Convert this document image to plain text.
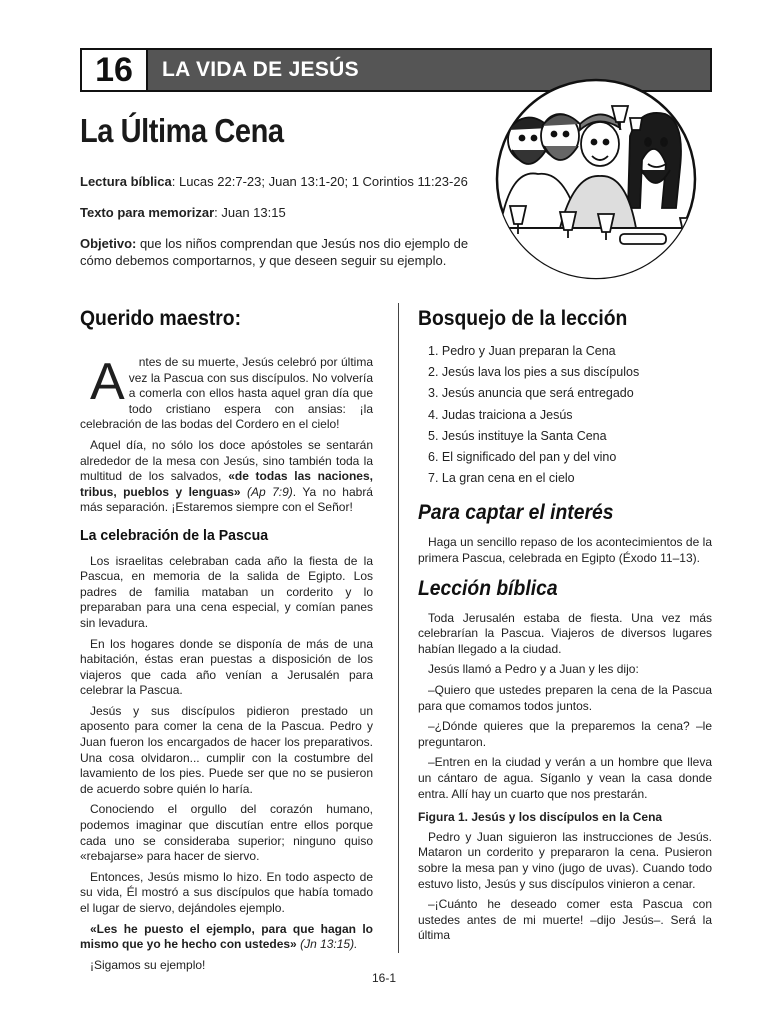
16	LA VIDA DE JESÚS
La Última Cena
Lectura bíblica: Lucas 22:7-23; Juan 13:1-20; 1 Corintios 11:23-26
Texto para memorizar: Juan 13:15
Objetivo: que los niños comprendan que Jesús nos dio ejemplo de cómo debemos comportarnos, y que deseen seguir su ejemplo.
Querido maestro:

A ntes de su muerte, Jesús celebró por última vez la Pascua con sus discípulos. No volvería a comerla con ellos hasta aquel gran día que todo cristiano espera con ansias: ¡la celebración de las bodas del Cordero en el cielo!

Aquel día, no sólo los doce apóstoles se sentarán alrededor de la mesa con Jesús, sino también toda la multitud de los salvados, «de todas las naciones, tribus, pueblos y lenguas» (Ap 7:9). Ya no habrá más separación. ¡Estaremos siempre con el Señor!

La celebración de la Pascua

Los israelitas celebraban cada año la fiesta de la Pascua, en memoria de la salida de Egipto. Los padres de familia mataban un corderito y lo preparaban para una cena especial, y comían panes sin levadura.

En los hogares donde se disponía de más de una habitación, éstas eran puestas a disposición de los viajeros que cada año venían a Jerusalén para celebrar la Pascua.

Jesús y sus discípulos pidieron prestado un aposento para comer la cena de la Pascua. Pedro y Juan fueron los encargados de hacer los preparativos. Una cosa olvidaron... cumplir con la costumbre del lavamiento de los pies. Puede ser que no se pusieron de acuerdo sobre quién lo haría.

Conociendo el orgullo del corazón humano, podemos imaginar que discutían entre ellos porque cada uno se consideraba superior; ninguno quiso «rebajarse» para hacer de siervo.

Entonces, Jesús mismo lo hizo. En todo aspecto de su vida, Él mostró a sus discípulos que había tomado el lugar de siervo, dejándoles ejemplo.

«Les he puesto el ejemplo, para que hagan lo mismo que yo he hecho con ustedes» (Jn 13:15).

¡Sigamos su ejemplo!

Bosquejo de la lección
1. Pedro y Juan preparan la Cena
2. Jesús lava los pies a sus discípulos
3. Jesús anuncia que será entregado
4. Judas traiciona a Jesús
5. Jesús instituye la Santa Cena
6. El significado del pan y del vino
7. La gran cena en el cielo
Para captar el interés

Haga un sencillo repaso de los acontecimientos de la primera Pascua, celebrada en Egipto (Éxodo 11–13).

Lección bíblica

Toda Jerusalén estaba de fiesta. Una vez más celebrarían la Pascua. Viajeros de diversos lugares habían llegado a la ciudad.

Jesús llamó a Pedro y a Juan y les dijo:

–Quiero que ustedes preparen la cena de la Pascua para que comamos todos juntos.

–¿Dónde quieres que la preparemos la cena? –le preguntaron.

–Entren en la ciudad y verán a un hombre que lleva un cántaro de agua. Síganlo y vean la casa donde entra. Allí hay un cuarto que nos prestarán.

Figura 1. Jesús y los discípulos en la Cena

Pedro y Juan siguieron las instrucciones de Jesús. Mataron un corderito y prepararon la cena. Pusieron sobre la mesa pan y vino (jugo de uvas). Cuando todo estuvo listo, Jesús y sus discípulos vinieron a cenar.

–¡Cuánto he deseado comer esta Pascua con ustedes antes de mi muerte! –dijo Jesús–. Será la última

16-1
